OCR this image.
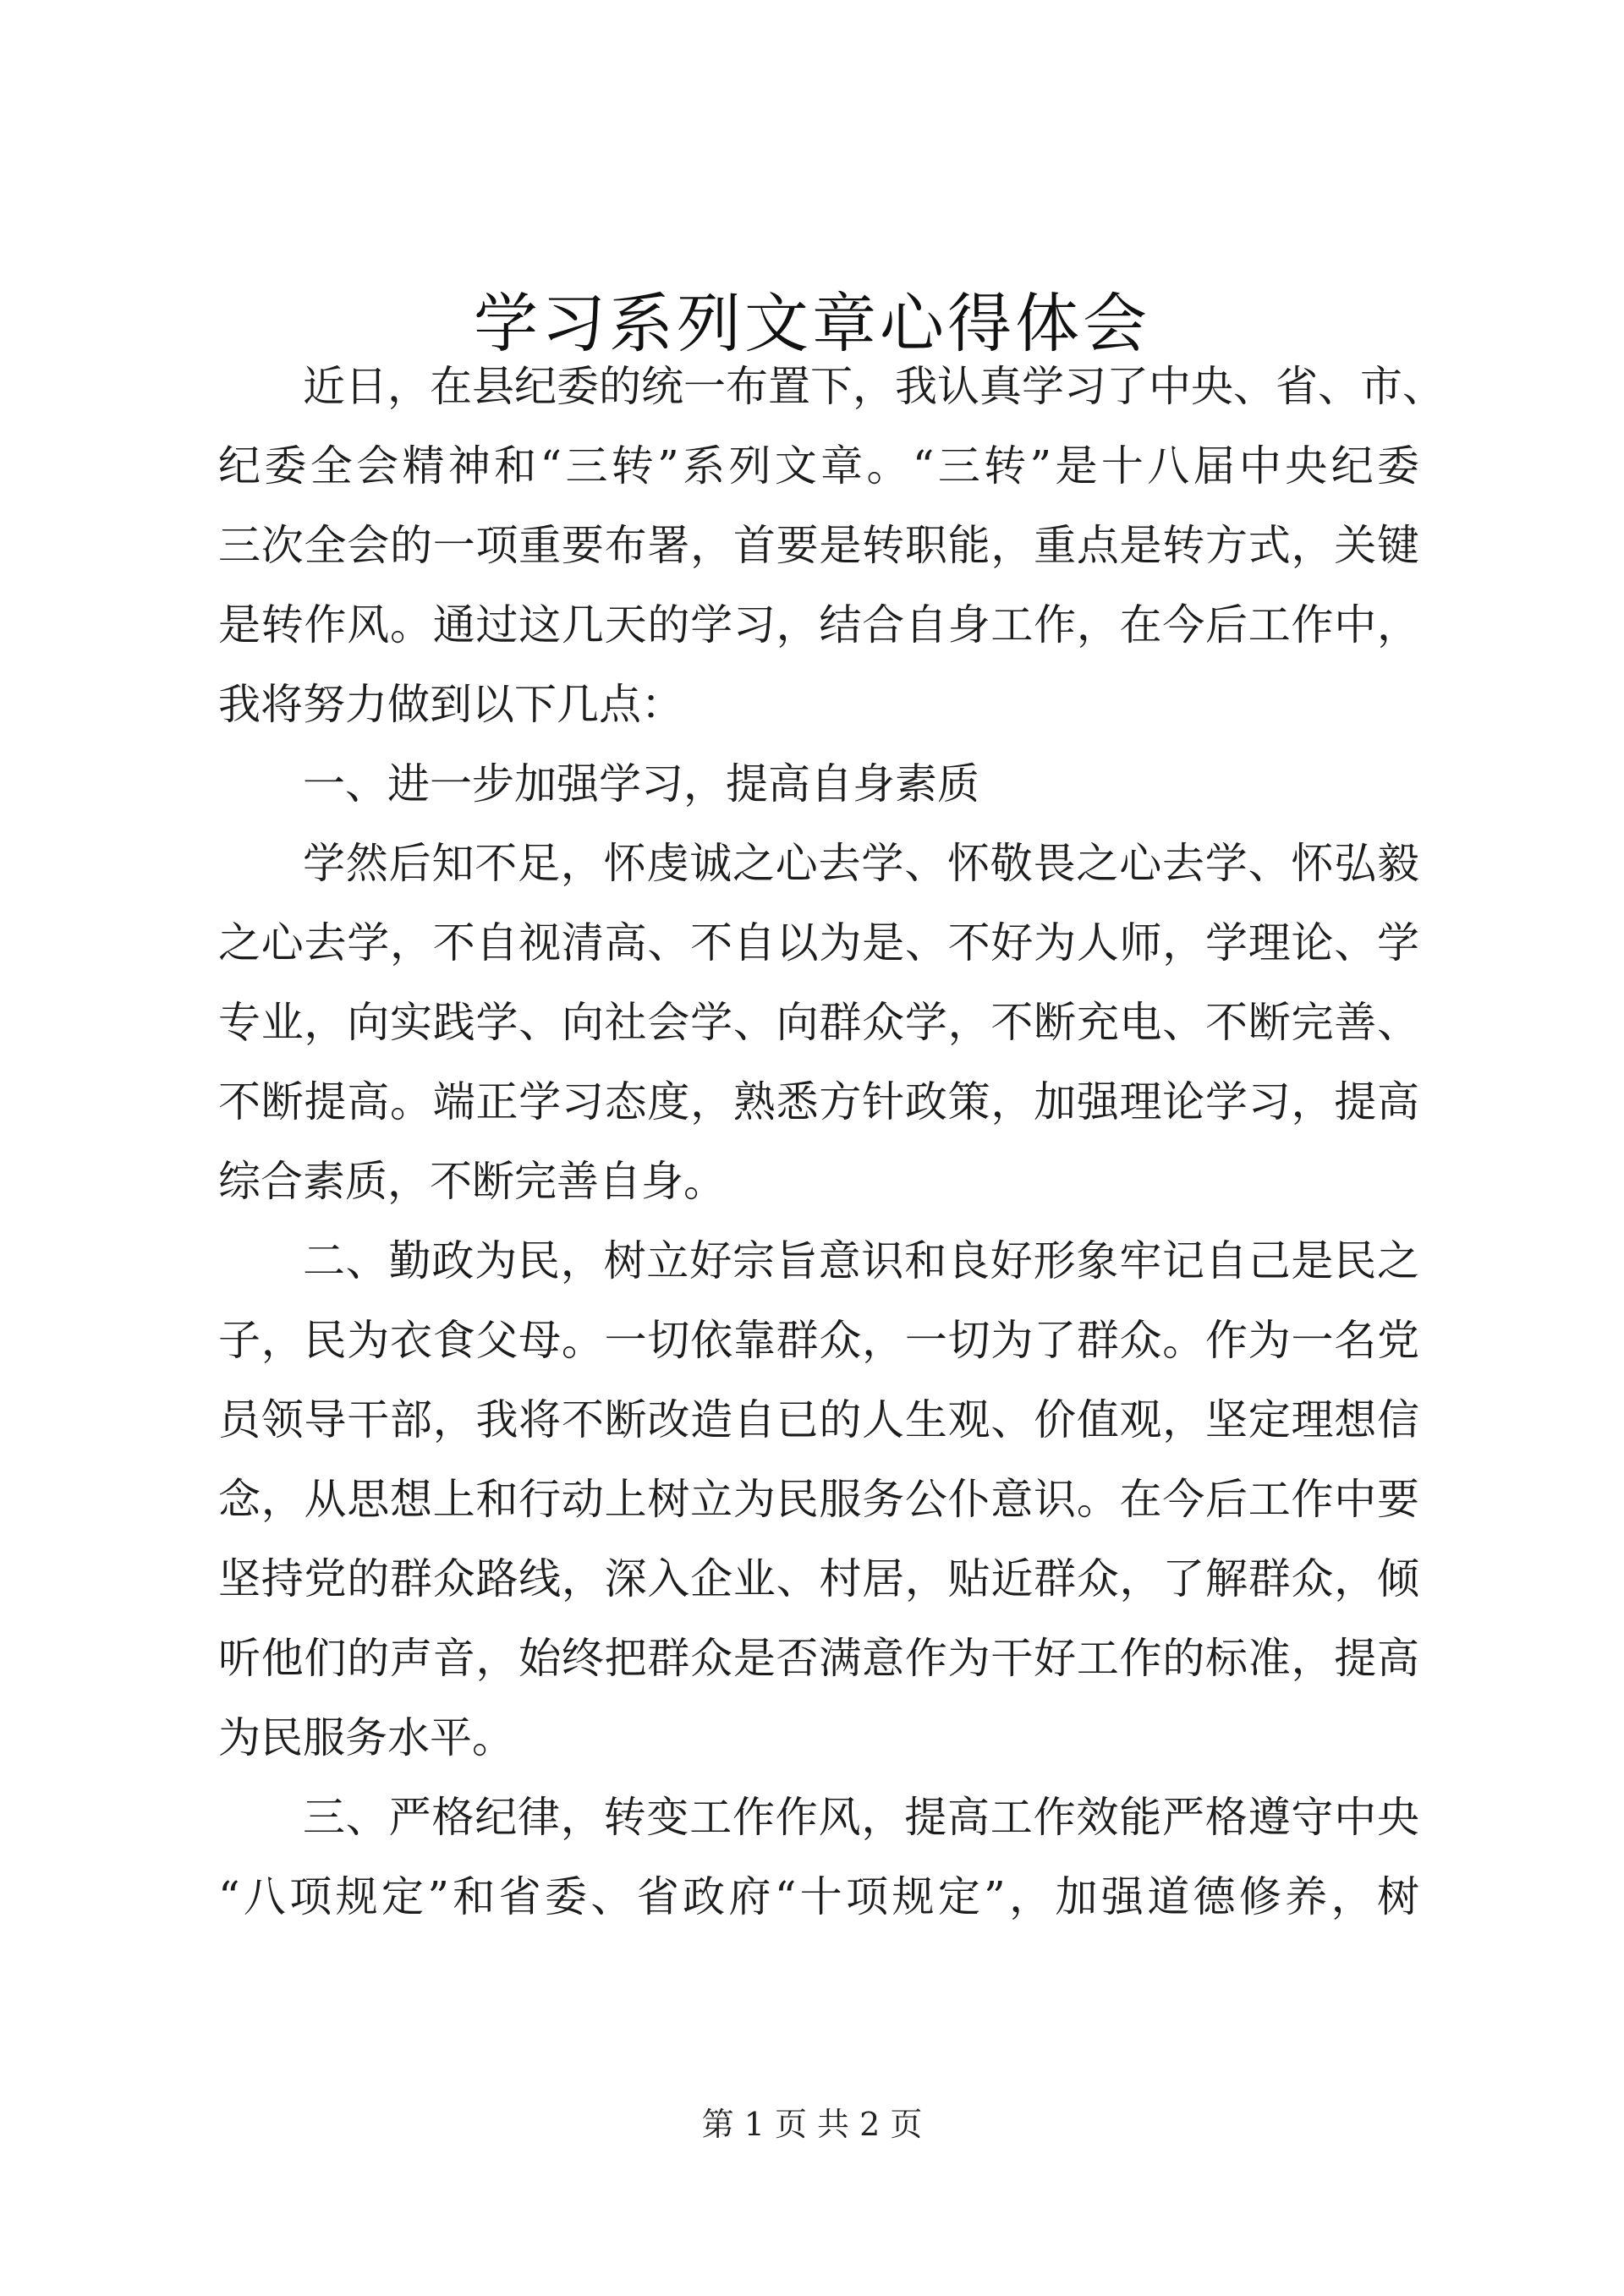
学习系列文章心得体会
近日，在县纪委的统一布置下，我认真学习了中央、省、市、
纪委全会精神和“三转”系列文章。“三转”是十八届中央纪委
三次全会的一项重要布署，首要是转职能，重点是转方式，关键
是转作风。通过这几天的学习，结合自身工作，在今后工作中，
我将努力做到以下几点：
一、进一步加强学习，提高自身素质
学然后知不足，怀虔诚之心去学、怀敬畏之心去学、怀弘毅
之心去学，不自视清高、不自以为是、不好为人师，学理论、学
专业，向实践学、向社会学、向群众学，不断充电、不断完善、
不断提高。端正学习态度，熟悉方针政策，加强理论学习，提高
综合素质，不断完善自身。
二、勤政为民，树立好宗旨意识和良好形象牢记自己是民之
子，民为衣食父母。一切依靠群众，一切为了群众。作为一名党
员领导干部，我将不断改造自已的人生观、价值观，坚定理想信
念，从思想上和行动上树立为民服务公仆意识。在今后工作中要
坚持党的群众路线，深入企业、村居，贴近群众，了解群众，倾
听他们的声音，始终把群众是否满意作为干好工作的标准，提高
为民服务水平。
三、严格纪律，转变工作作风，提高工作效能严格遵守中央
“八项规定”和省委、省政府“十项规定”，加强道德修养，树
第 1 页 共 2 页
